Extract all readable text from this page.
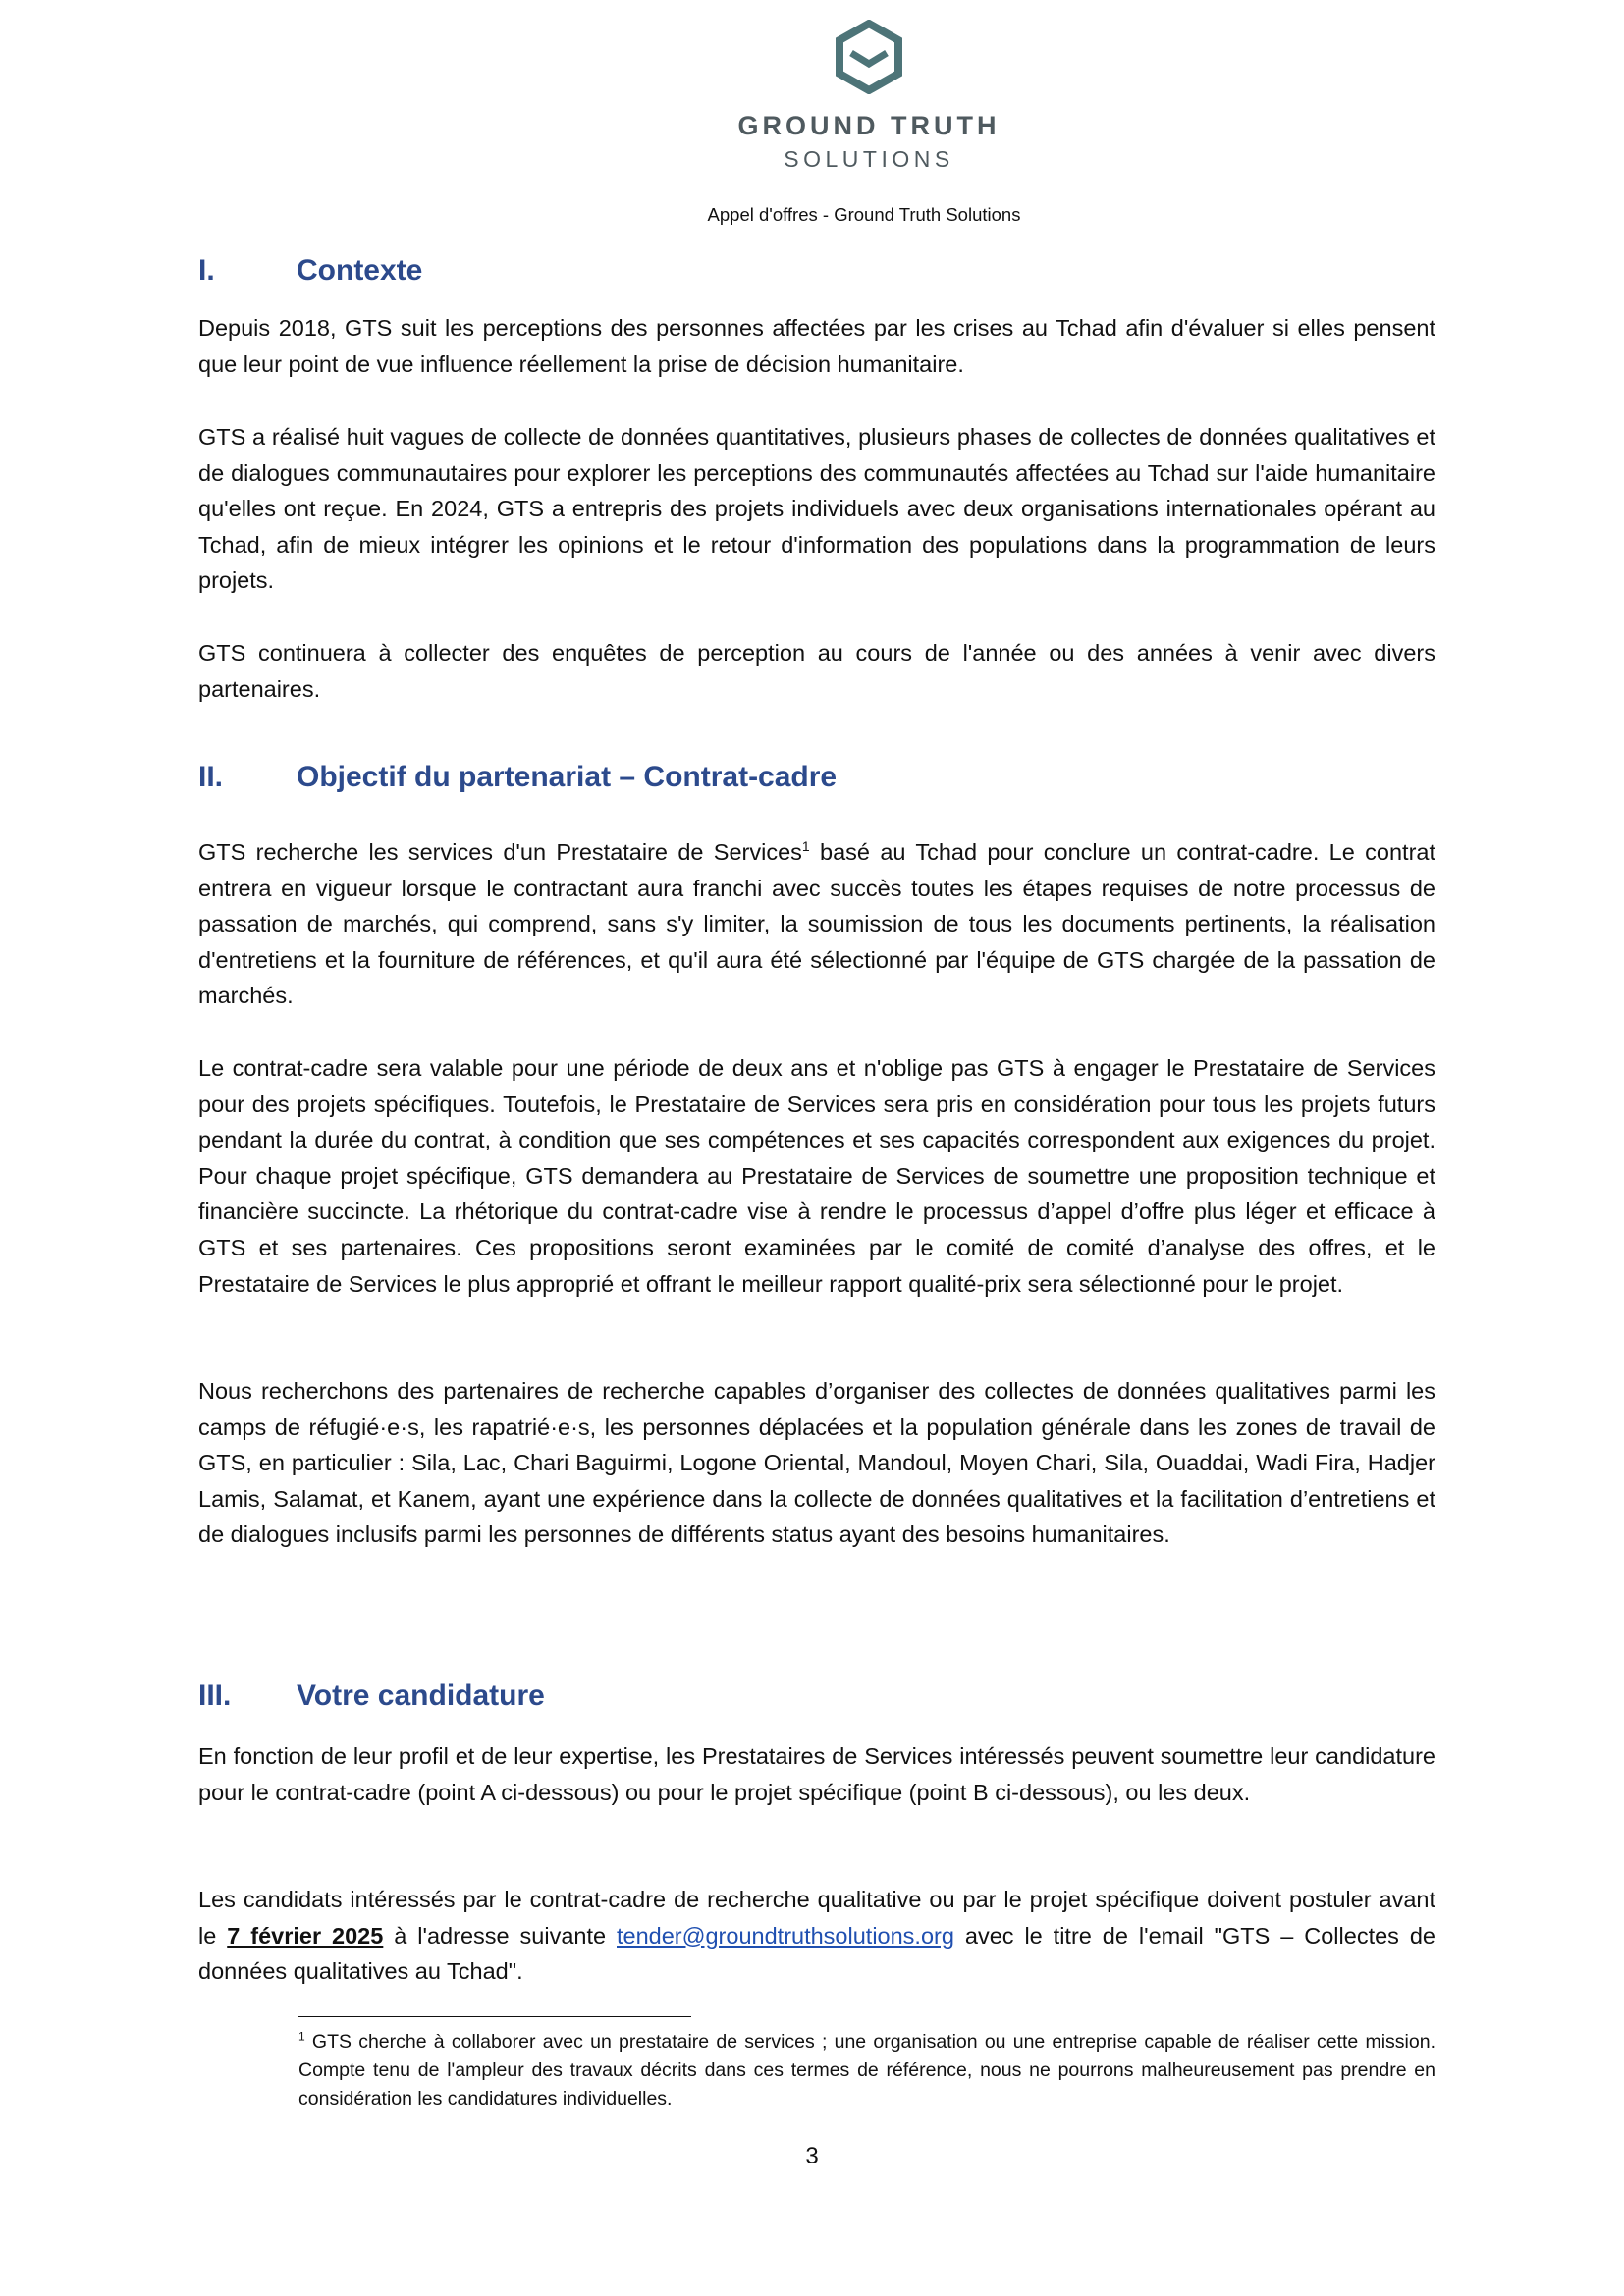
GROUND TRUTH
SOLUTIONS
Appel d'offres - Ground Truth Solutions
I.	Contexte

Depuis 2018, GTS suit les perceptions des personnes affectées par les crises au Tchad afin d'évaluer si elles pensent que leur point de vue influence réellement la prise de décision humanitaire.

GTS a réalisé huit vagues de collecte de données quantitatives, plusieurs phases de collectes de données qualitatives et de dialogues communautaires pour explorer les perceptions des communautés affectées au Tchad sur l'aide humanitaire qu'elles ont reçue. En 2024, GTS a entrepris des projets individuels avec deux organisations internationales opérant au Tchad, afin de mieux intégrer les opinions et le retour d'information des populations dans la programmation de leurs projets.

GTS continuera à collecter des enquêtes de perception au cours de l'année ou des années à venir avec divers partenaires.

II.	Objectif du partenariat – Contrat-cadre

GTS recherche les services d'un Prestataire de Services$^1$ basé au Tchad pour conclure un contrat-cadre. Le contrat entrera en vigueur lorsque le contractant aura franchi avec succès toutes les étapes requises de notre processus de passation de marchés, qui comprend, sans s'y limiter, la soumission de tous les documents pertinents, la réalisation d'entretiens et la fourniture de références, et qu'il aura été sélectionné par l'équipe de GTS chargée de la passation de marchés.

Le contrat-cadre sera valable pour une période de deux ans et n'oblige pas GTS à engager le Prestataire de Services pour des projets spécifiques. Toutefois, le Prestataire de Services sera pris en considération pour tous les projets futurs pendant la durée du contrat, à condition que ses compétences et ses capacités correspondent aux exigences du projet. Pour chaque projet spécifique, GTS demandera au Prestataire de Services de soumettre une proposition technique et financière succincte. La rhétorique du contrat-cadre vise à rendre le processus d’appel d’offre plus léger et efficace à GTS et ses partenaires. Ces propositions seront examinées par le comité de comité d’analyse des offres, et le Prestataire de Services le plus approprié et offrant le meilleur rapport qualité-prix sera sélectionné pour le projet.

Nous recherchons des partenaires de recherche capables d’organiser des collectes de données qualitatives parmi les camps de réfugié·e·s, les rapatrié·e·s, les personnes déplacées et la population générale dans les zones de travail de GTS, en particulier : Sila, Lac, Chari Baguirmi, Logone Oriental, Mandoul, Moyen Chari, Sila, Ouaddai, Wadi Fira, Hadjer Lamis, Salamat, et Kanem, ayant une expérience dans la collecte de données qualitatives et la facilitation d’entretiens et de dialogues inclusifs parmi les personnes de différents status ayant des besoins humanitaires.

III.	Votre candidature

En fonction de leur profil et de leur expertise, les Prestataires de Services intéressés peuvent soumettre leur candidature pour le contrat-cadre (point A ci-dessous) ou pour le projet spécifique (point B ci-dessous), ou les deux.

Les candidats intéressés par le contrat-cadre de recherche qualitative ou par le projet spécifique doivent postuler avant le 7 février 2025 à l'adresse suivante tender@groundtruthsolutions.org avec le titre de l'email "GTS – Collectes de données qualitatives au Tchad".

$^1$ GTS cherche à collaborer avec un prestataire de services ; une organisation ou une entreprise capable de réaliser cette mission. Compte tenu de l'ampleur des travaux décrits dans ces termes de référence, nous ne pourrons malheureusement pas prendre en considération les candidatures individuelles.
3
